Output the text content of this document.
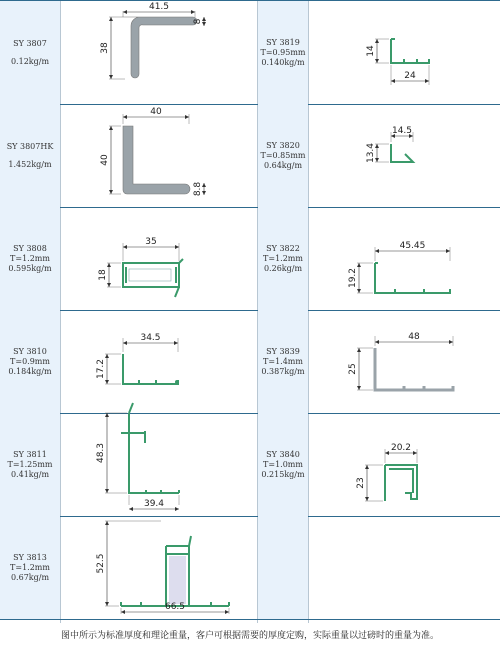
SY 3807
0.12kg/m
41.5
38
8
SY 3819
T=0.95mm
0.140kg/m
14
24
SY 3807HK
1.452kg/m
40
40
8.8
SY 3820
T=0.85mm
0.64kg/m
14.5
13.4
SY 3808
T=1.2mm
0.595kg/m
35
18
SY 3822
T=1.2mm
0.26kg/m
45.45
19.2
SY 3810
T=0.9mm
0.184kg/m
34.5
17.2
SY 3839
T=1.4mm
0.387kg/m
48
25
SY 3811
T=1.25mm
0.41kg/m
39.4
48.3	SY 3840
T=1.0mm
0.215kg/m
20.2
23
SY 3813
T=1.2mm
0.67kg/m
66.5
52.5
图中所示为标准厚度和理论重量，客户可根据需要的厚度定购，实际重量以过磅时的重量为准。
